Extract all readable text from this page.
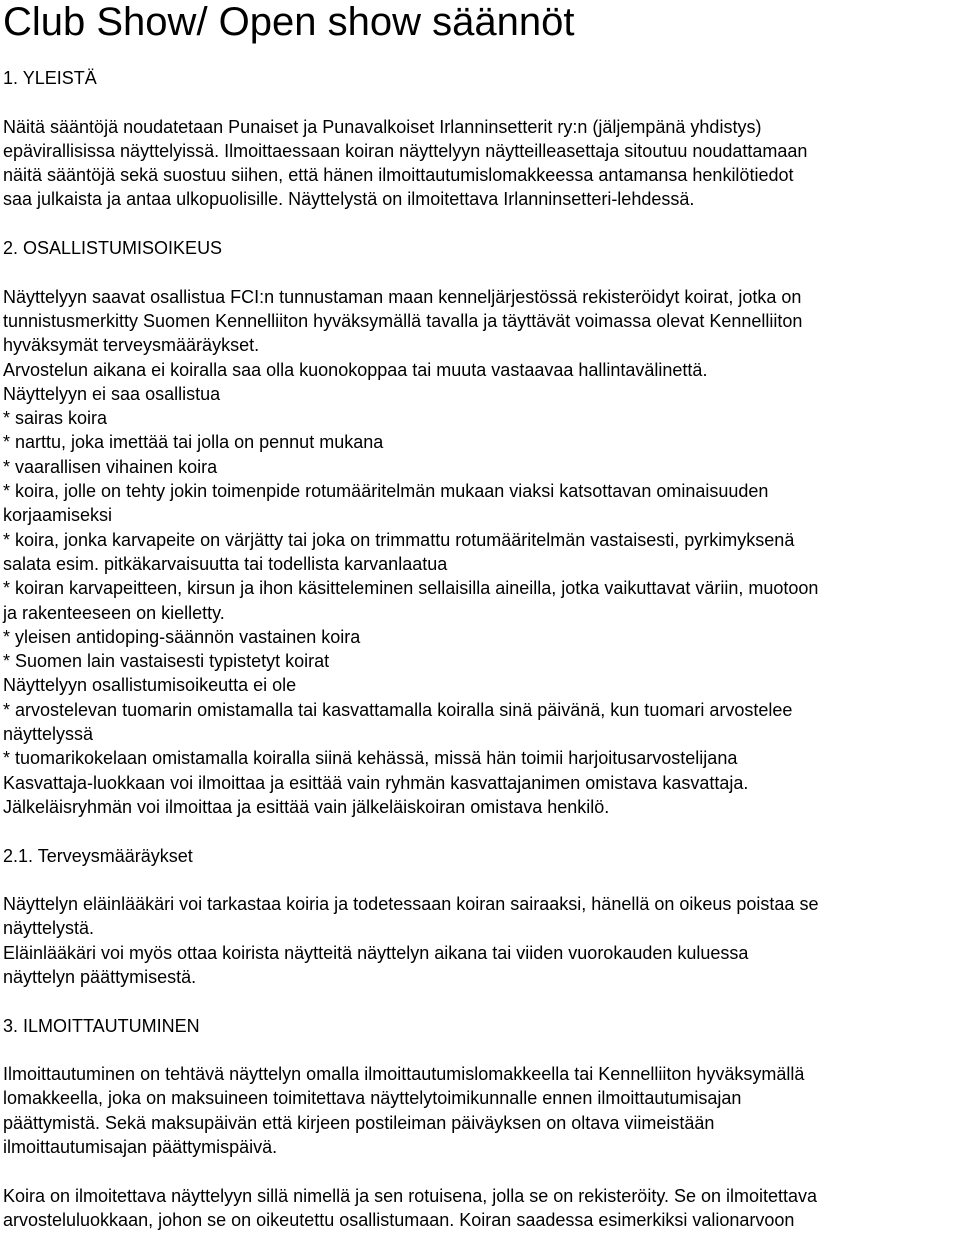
Club Show/ Open show säännöt
1. YLEISTÄ
Näitä sääntöjä noudatetaan Punaiset ja Punavalkoiset Irlanninsetterit ry:n (jäljempänä yhdistys)
epävirallisissa näyttelyissä. Ilmoittaessaan koiran näyttelyyn näytteilleasettaja sitoutuu noudattamaan
näitä sääntöjä sekä suostuu siihen, että hänen ilmoittautumislomakkeessa antamansa henkilötiedot
saa julkaista ja antaa ulkopuolisille. Näyttelystä on ilmoitettava Irlanninsetteri-lehdessä.
2. OSALLISTUMISOIKEUS
Näyttelyyn saavat osallistua FCI:n tunnustaman maan kenneljärjestössä rekisteröidyt koirat, jotka on
tunnistusmerkitty Suomen Kennelliiton hyväksymällä tavalla ja täyttävät voimassa olevat Kennelliiton
hyväksymät terveysmääräykset.
Arvostelun aikana ei koiralla saa olla kuonokoppaa tai muuta vastaavaa hallintavälinettä.
Näyttelyyn ei saa osallistua
* sairas koira
* narttu, joka imettää tai jolla on pennut mukana
* vaarallisen vihainen koira
* koira, jolle on tehty jokin toimenpide rotumääritelmän mukaan viaksi katsottavan ominaisuuden
korjaamiseksi
* koira, jonka karvapeite on värjätty tai joka on trimmattu rotumääritelmän vastaisesti, pyrkimyksenä
salata esim. pitkäkarvaisuutta tai todellista karvanlaatua
* koiran karvapeitteen, kirsun ja ihon käsitteleminen sellaisilla aineilla, jotka vaikuttavat väriin, muotoon
ja rakenteeseen on kielletty.
* yleisen antidoping-säännön vastainen koira
* Suomen lain vastaisesti typistetyt koirat
Näyttelyyn osallistumisoikeutta ei ole
* arvostelevan tuomarin omistamalla tai kasvattamalla koiralla sinä päivänä, kun tuomari arvostelee
näyttelyssä
* tuomarikokelaan omistamalla koiralla siinä kehässä, missä hän toimii harjoitusarvostelijana
Kasvattaja-luokkaan voi ilmoittaa ja esittää vain ryhmän kasvattajanimen omistava kasvattaja.
Jälkeläisryhmän voi ilmoittaa ja esittää vain jälkeläiskoiran omistava henkilö.
2.1. Terveysmääräykset
Näyttelyn eläinlääkäri voi tarkastaa koiria ja todetessaan koiran sairaaksi, hänellä on oikeus poistaa se
näyttelystä.
Eläinlääkäri voi myös ottaa koirista näytteitä näyttelyn aikana tai viiden vuorokauden kuluessa
näyttelyn päättymisestä.
3. ILMOITTAUTUMINEN
Ilmoittautuminen on tehtävä näyttelyn omalla ilmoittautumislomakkeella tai Kennelliiton hyväksymällä
lomakkeella, joka on maksuineen toimitettava näyttelytoimikunnalle ennen ilmoittautumisajan
päättymistä. Sekä maksupäivän että kirjeen postileiman päiväyksen on oltava viimeistään
ilmoittautumisajan päättymispäivä.
Koira on ilmoitettava näyttelyyn sillä nimellä ja sen rotuisena, jolla se on rekisteröity. Se on ilmoitettava
arvosteluluokkaan, johon se on oikeutettu osallistumaan. Koiran saadessa esimerkiksi valionarvoon
